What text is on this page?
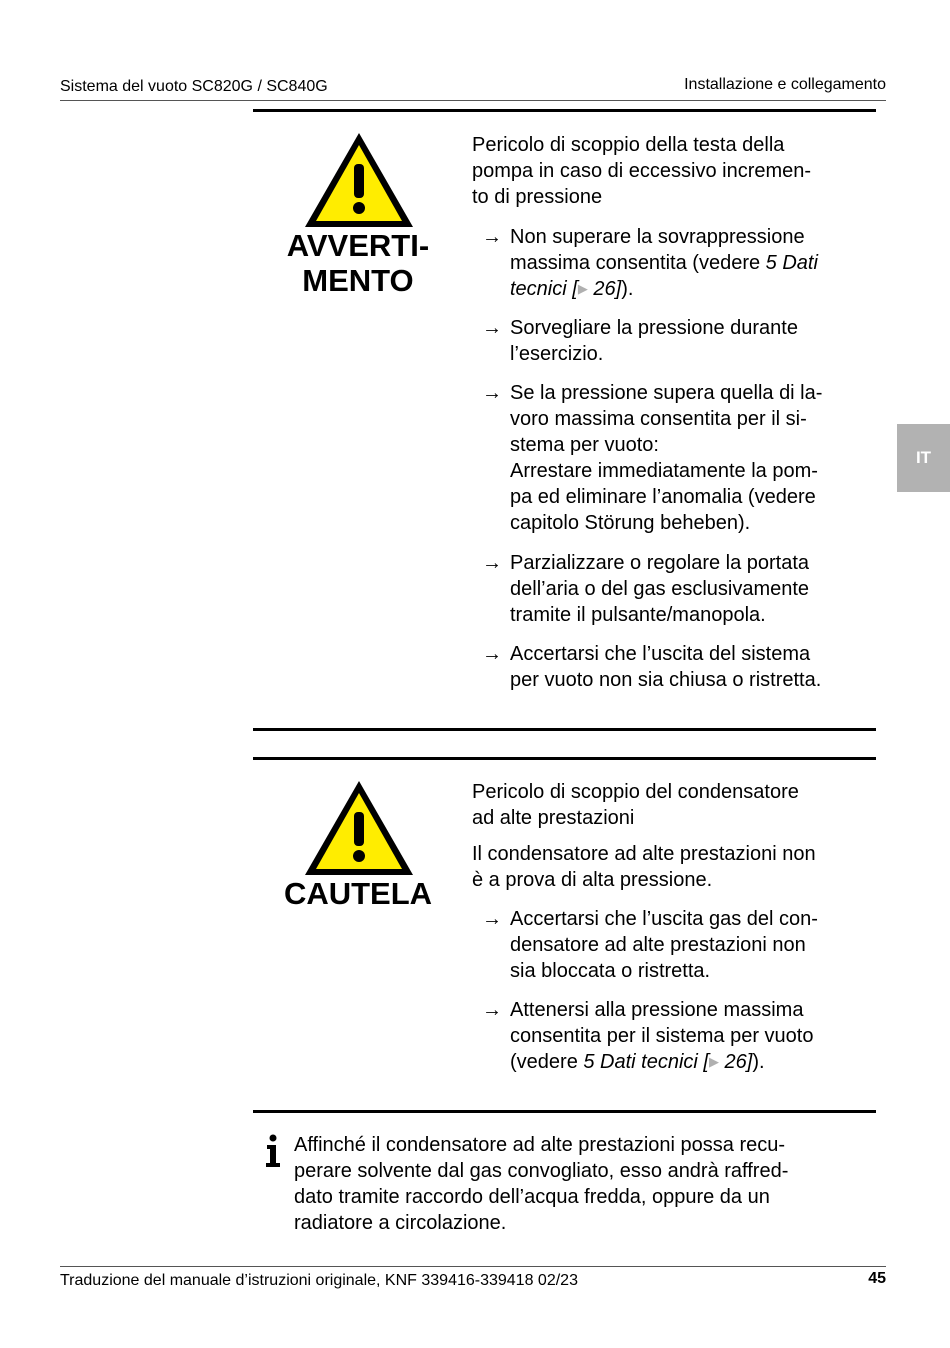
Sistema del vuoto SC820G / SC840G	Installazione e collegamento
IT
AVVERTI-
MENTO
Pericolo di scoppio della testa della
pompa in caso di eccessivo incremen-
to di pressione
→ Non superare la sovrappressione
massima consentita (vedere 5 Dati
tecnici [▶ 26]).
→ Sorvegliare la pressione durante
l’esercizio.
→ Se la pressione supera quella di la-
voro massima consentita per il si-
stema per vuoto:
Arrestare immediatamente la pom-
pa ed eliminare l’anomalia (vedere
capitolo Störung beheben).
→ Parzializzare o regolare la portata
dell’aria o del gas esclusivamente
tramite il pulsante/manopola.
→ Accertarsi che l’uscita del sistema
per vuoto non sia chiusa o ristretta.
CAUTELA
Pericolo di scoppio del condensatore
ad alte prestazioni
Il condensatore ad alte prestazioni non
è a prova di alta pressione.
→ Accertarsi che l’uscita gas del con-
densatore ad alte prestazioni non
sia bloccata o ristretta.
→ Attenersi alla pressione massima
consentita per il sistema per vuoto
(vedere 5 Dati tecnici [▶ 26]).
Affinché il condensatore ad alte prestazioni possa recu-
perare solvente dal gas convogliato, esso andrà raffred-
dato tramite raccordo dell’acqua fredda, oppure da un
radiatore a circolazione.
Traduzione del manuale d’istruzioni originale, KNF 339416-339418 02/23	45
